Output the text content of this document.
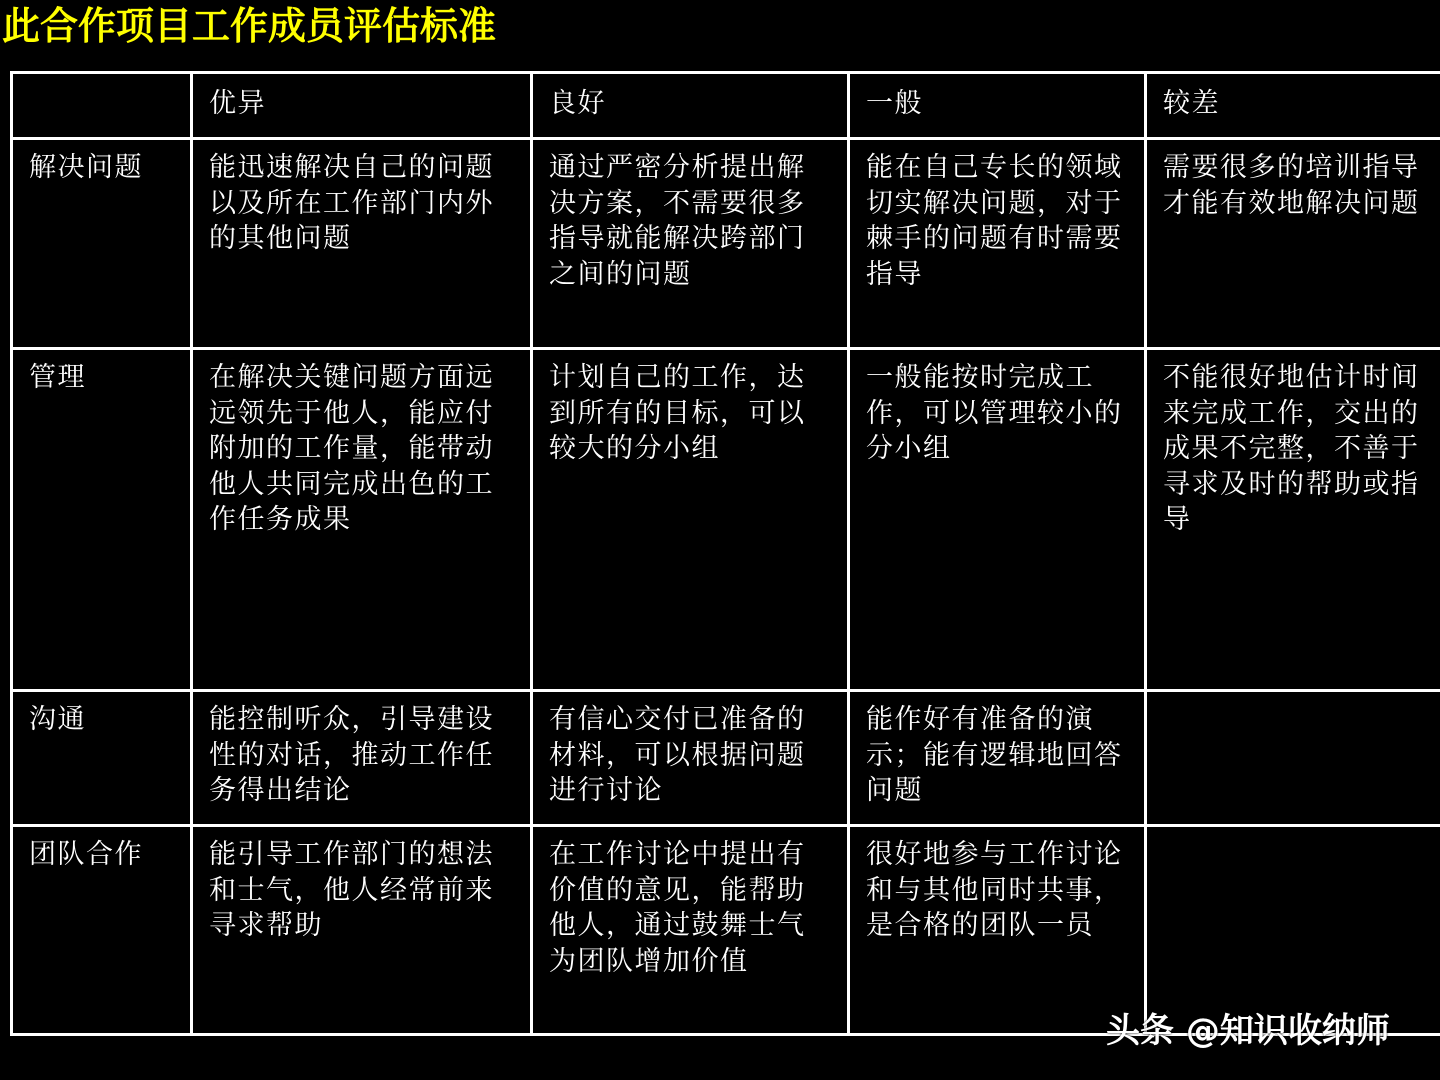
此合作项目工作成员评估标准
	优异	良好	一般	较差
解决问题	能迅速解决自己的问题以及所在工作部门内外的其他问题	通过严密分析提出解决方案，不需要很多指导就能解决跨部门之间的问题	能在自己专长的领域切实解决问题，对于棘手的问题有时需要指导	需要很多的培训指导才能有效地解决问题
管理	在解决关键问题方面远远领先于他人，能应付附加的工作量，能带动他人共同完成出色的工作任务成果	计划自己的工作，达到所有的目标，可以较大的分小组	一般能按时完成工作，可以管理较小的分小组	不能很好地估计时间来完成工作，交出的成果不完整，不善于寻求及时的帮助或指导
沟通	能控制听众，引导建设性的对话，推动工作任务得出结论	有信心交付已准备的材料，可以根据问题进行讨论	能作好有准备的演示；能有逻辑地回答问题	
团队合作	能引导工作部门的想法和士气，他人经常前来寻求帮助	在工作讨论中提出有价值的意见，能帮助他人，通过鼓舞士气为团队增加价值	很好地参与工作讨论和与其他同时共事，是合格的团队一员	
头条 @知识收纳师
